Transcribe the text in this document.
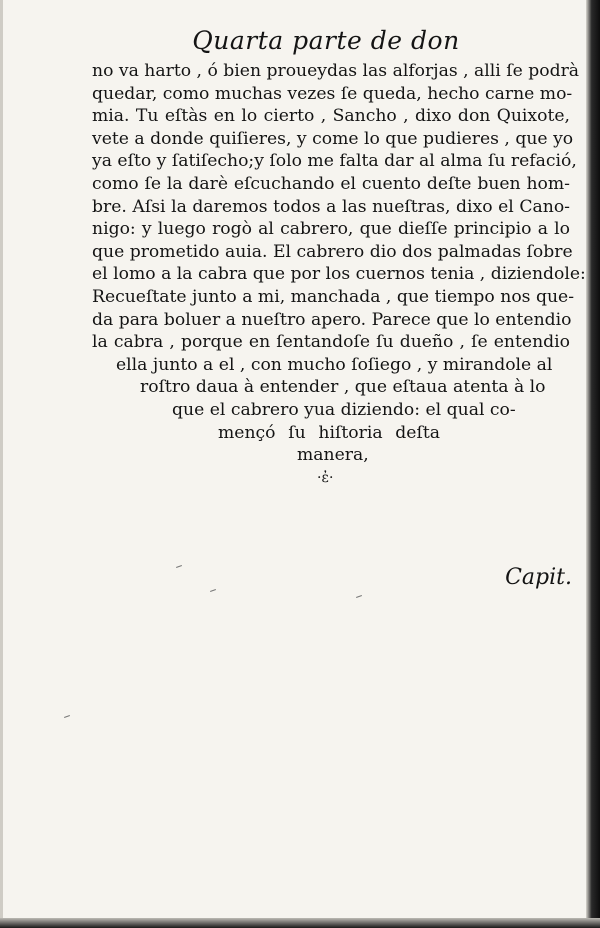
Quarta parte de don
no va harto , ó bien proueydas las alforjas , alli ſe podrà
quedar, como muchas vezes ſe queda, hecho carne mo-
mia. Tu eſtàs en lo cierto , Sancho , dixo don Quixote,
vete a donde quiſieres, y come lo que pudieres , que yo
ya eſto y ſatiſecho;y ſolo me falta dar al alma ſu refació,
como ſe la darè eſcuchando el cuento deſte buen hom-
bre. Aſsi la daremos todos a las nueſtras, dixo el Cano-
nigo: y luego rogò al cabrero, que dieſſe principio a lo
que prometido auia. El cabrero dio dos palmadas ſobre
el lomo a la cabra que por los cuernos tenia , diziendole:
Recueſtate junto a mi, manchada , que tiempo nos que-
da para boluer a nueſtro apero. Parece que lo entendio
la cabra , porque en ſentandoſe ſu dueño , ſe entendio
ella junto a el , con mucho ſoſiego , y mirandole al
roſtro daua à entender , que eſtaua atenta à lo
que el cabrero yua diziendo: el qual co-
mençó ſu hiſtoria deſta
manera,
·ἐ·
Capit.
